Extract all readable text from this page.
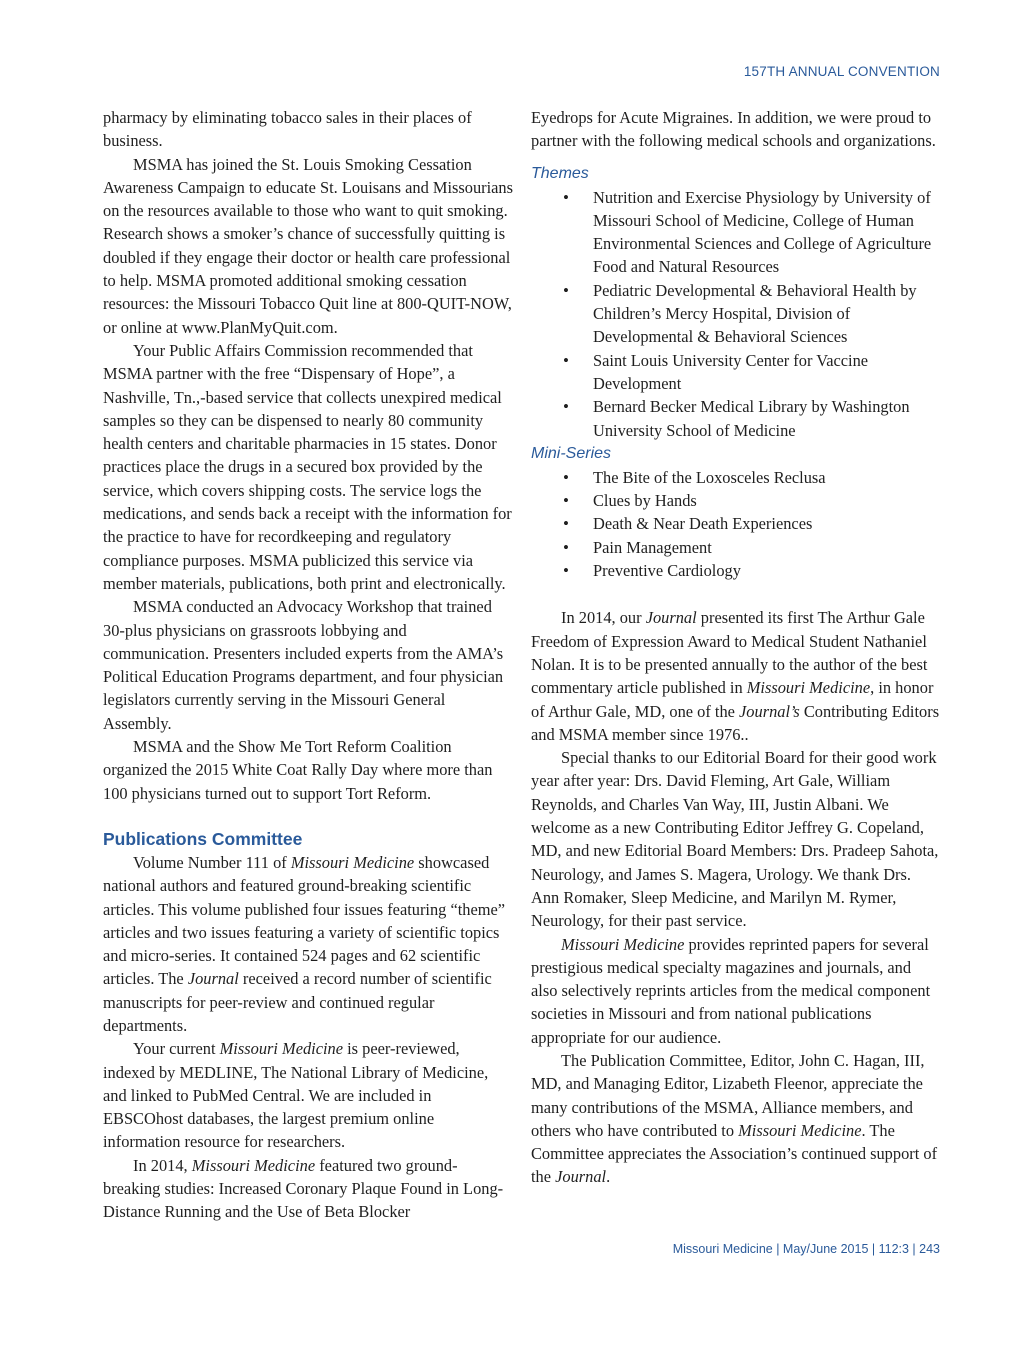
157TH ANNUAL CONVENTION

pharmacy by eliminating tobacco sales in their places of business.

MSMA has joined the St. Louis Smoking Cessation Awareness Campaign to educate St. Louisans and Missourians on the resources available to those who want to quit smoking. Research shows a smoker’s chance of successfully quitting is doubled if they engage their doctor or health care professional to help. MSMA promoted additional smoking cessation resources: the Missouri Tobacco Quit line at 800-QUIT-NOW, or online at www.PlanMyQuit.com.

Your Public Affairs Commission recommended that MSMA partner with the free “Dispensary of Hope”, a Nashville, Tn.,-based service that collects unexpired medical samples so they can be dispensed to nearly 80 community health centers and charitable pharmacies in 15 states. Donor practices place the drugs in a secured box provided by the service, which covers shipping costs. The service logs the medications, and sends back a receipt with the information for the practice to have for recordkeeping and regulatory compliance purposes. MSMA publicized this service via member materials, publications, both print and electronically.

MSMA conducted an Advocacy Workshop that trained 30-plus physicians on grassroots lobbying and communication. Presenters included experts from the AMA’s Political Education Programs department, and four physician legislators currently serving in the Missouri General Assembly.

MSMA and the Show Me Tort Reform Coalition organized the 2015 White Coat Rally Day where more than 100 physicians turned out to support Tort Reform.

Publications Committee

Volume Number 111 of Missouri Medicine showcased national authors and featured ground-breaking scientific articles. This volume published four issues featuring “theme” articles and two issues featuring a variety of scientific topics and micro-series. It contained 524 pages and 62 scientific articles. The Journal received a record number of scientific manuscripts for peer-review and continued regular departments.

Your current Missouri Medicine is peer-reviewed, indexed by MEDLINE, The National Library of Medicine, and linked to PubMed Central. We are included in EBSCOhost databases, the largest premium online information resource for researchers.

In 2014, Missouri Medicine featured two ground-breaking studies: Increased Coronary Plaque Found in Long-Distance Running and the Use of Beta Blocker

Eyedrops for Acute Migraines. In addition, we were proud to partner with the following medical schools and organizations.

Themes
• Nutrition and Exercise Physiology by University of Missouri School of Medicine, College of Human Environmental Sciences and College of Agriculture Food and Natural Resources
• Pediatric Developmental & Behavioral Health by Children’s Mercy Hospital, Division of Developmental & Behavioral Sciences
• Saint Louis University Center for Vaccine Development
• Bernard Becker Medical Library by Washington University School of Medicine
Mini-Series
• The Bite of the Loxosceles Reclusa
• Clues by Hands
• Death & Near Death Experiences
• Pain Management
• Preventive Cardiology

In 2014, our Journal presented its first The Arthur Gale Freedom of Expression Award to Medical Student Nathaniel Nolan. It is to be presented annually to the author of the best commentary article published in Missouri Medicine, in honor of Arthur Gale, MD, one of the Journal’s Contributing Editors and MSMA member since 1976..

Special thanks to our Editorial Board for their good work year after year: Drs. David Fleming, Art Gale, William Reynolds, and Charles Van Way, III, Justin Albani. We welcome as a new Contributing Editor Jeffrey G. Copeland, MD, and new Editorial Board Members: Drs. Pradeep Sahota, Neurology, and James S. Magera, Urology. We thank Drs. Ann Romaker, Sleep Medicine, and Marilyn M. Rymer, Neurology, for their past service.

Missouri Medicine provides reprinted papers for several prestigious medical specialty magazines and journals, and also selectively reprints articles from the medical component societies in Missouri and from national publications appropriate for our audience.

The Publication Committee, Editor, John C. Hagan, III, MD, and Managing Editor, Lizabeth Fleenor, appreciate the many contributions of the MSMA, Alliance members, and others who have contributed to Missouri Medicine. The Committee appreciates the Association’s continued support of the Journal.

Missouri Medicine | May/June 2015 | 112:3 | 243
